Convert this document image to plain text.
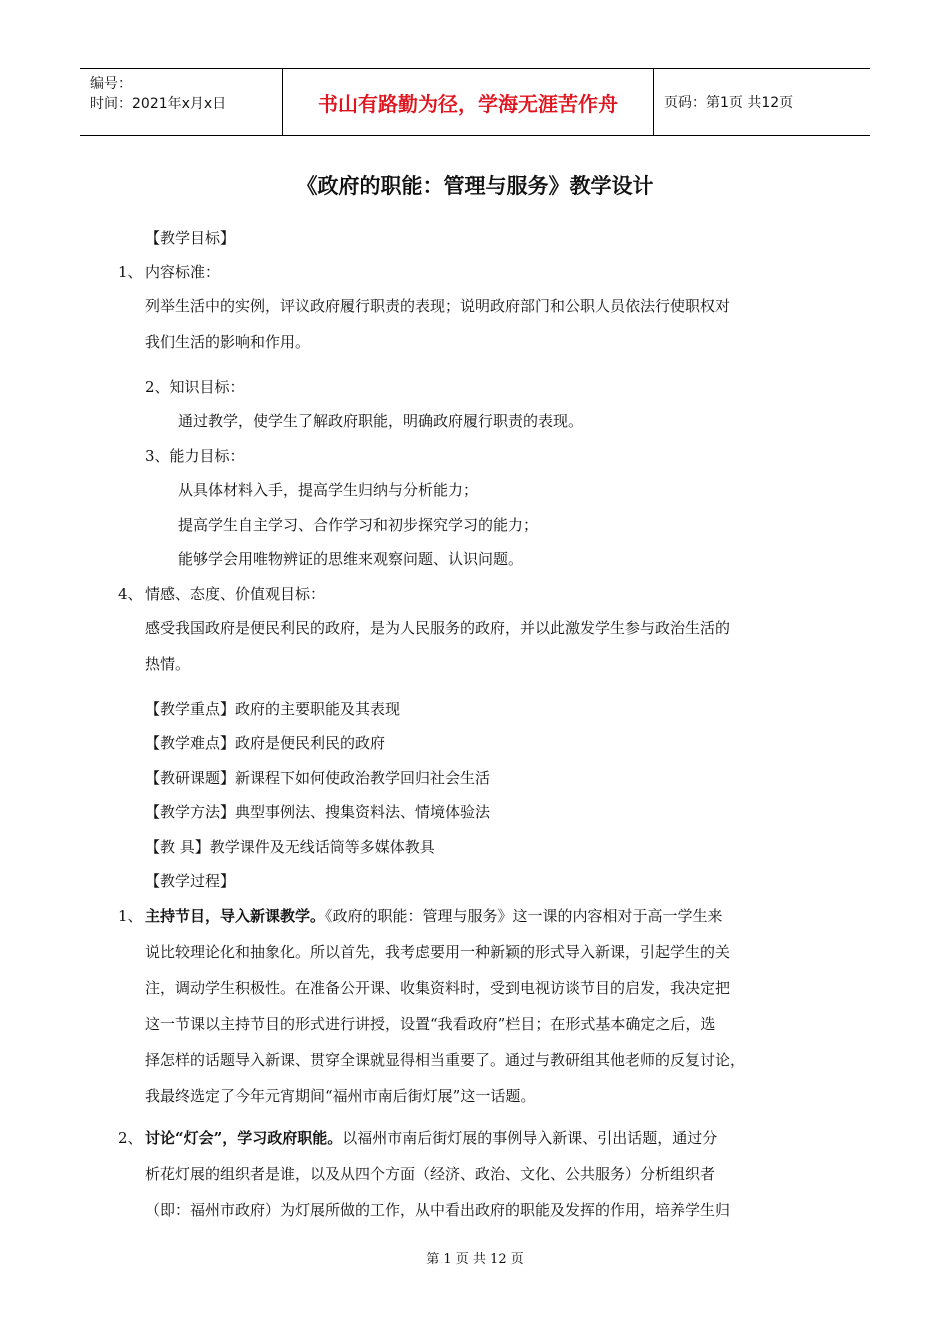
编号：
时间：2021年x月x日	书山有路勤为径，学海无涯苦作舟	页码：第1页 共12页
《政府的职能：管理与服务》教学设计
【教学目标】
1、 内容标准：
列举生活中的实例，评议政府履行职责的表现；说明政府部门和公职人员依法行使职权对
我们生活的影响和作用。
2、知识目标：
通过教学，使学生了解政府职能，明确政府履行职责的表现。
3、能力目标：
从具体材料入手，提高学生归纳与分析能力；
提高学生自主学习、合作学习和初步探究学习的能力；
能够学会用唯物辨证的思维来观察问题、认识问题。
4、 情感、态度、价值观目标：
感受我国政府是便民利民的政府，是为人民服务的政府，并以此激发学生参与政治生活的
热情。
【教学重点】政府的主要职能及其表现
【教学难点】政府是便民利民的政府
【教研课题】新课程下如何使政治教学回归社会生活
【教学方法】典型事例法、搜集资料法、情境体验法
【教 具】教学课件及无线话筒等多媒体教具
【教学过程】
1、 主持节目，导入新课教学。《政府的职能：管理与服务》这一课的内容相对于高一学生来
说比较理论化和抽象化。所以首先，我考虑要用一种新颖的形式导入新课，引起学生的关
注，调动学生积极性。在准备公开课、收集资料时，受到电视访谈节目的启发，我决定把
这一节课以主持节目的形式进行讲授，设置“我看政府”栏目；在形式基本确定之后，选
择怎样的话题导入新课、贯穿全课就显得相当重要了。通过与教研组其他老师的反复讨论，
我最终选定了今年元宵期间“福州市南后街灯展”这一话题。
2、 讨论“灯会”，学习政府职能。以福州市南后街灯展的事例导入新课、引出话题，通过分
析花灯展的组织者是谁，以及从四个方面（经济、政治、文化、公共服务）分析组织者
（即：福州市政府）为灯展所做的工作，从中看出政府的职能及发挥的作用，培养学生归
第 1 页 共 12 页
